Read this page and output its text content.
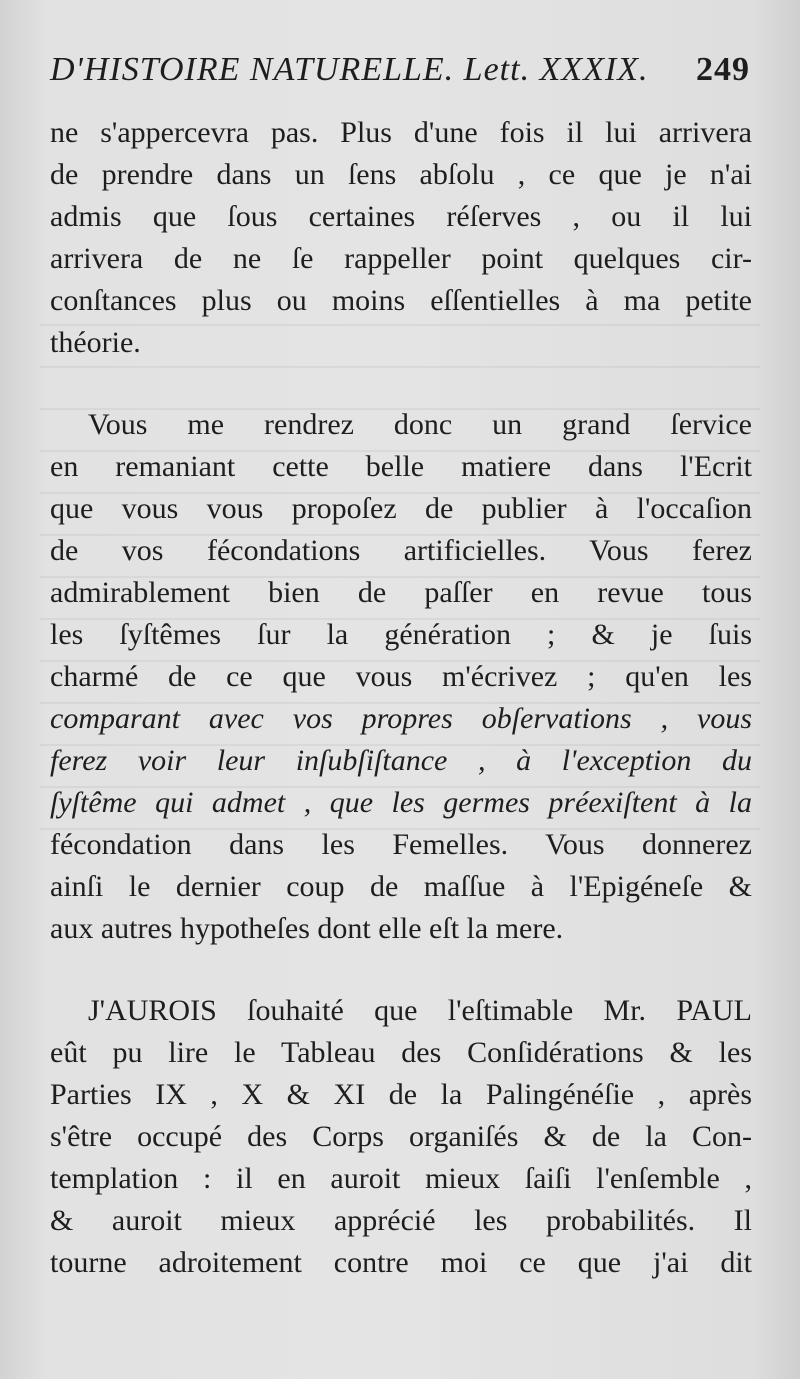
D'HISTOIRE NATURELLE. Lett. XXXIX. 249
ne s'appercevra pas. Plus d'une fois il lui arrivera
de prendre dans un ſens abſolu , ce que je n'ai
admis que ſous certaines réſerves , ou il lui
arrivera de ne ſe rappeller point quelques cir-
conſtances plus ou moins eſſentielles à ma petite
théorie.
Vous me rendrez donc un grand ſervice
en remaniant cette belle matiere dans l'Ecrit
que vous vous propoſez de publier à l'occaſion
de vos fécondations artificielles. Vous ferez
admirablement bien de paſſer en revue tous
les ſyſtêmes ſur la génération ; & je ſuis
charmé de ce que vous m'écrivez ; qu'en les
comparant avec vos propres obſervations , vous
ferez voir leur inſubſiſtance , à l'exception du
ſyſtême qui admet , que les germes préexiſtent à la
fécondation dans les Femelles. Vous donnerez
ainſi le dernier coup de maſſue à l'Epigéneſe &
aux autres hypotheſes dont elle eſt la mere.
J'AUROIS ſouhaité que l'eſtimable Mr. PAUL
eût pu lire le Tableau des Conſidérations & les
Parties IX , X & XI de la Palingénéſie , après
s'être occupé des Corps organiſés & de la Con-
templation : il en auroit mieux ſaiſi l'enſemble ,
& auroit mieux apprécié les probabilités. Il
tourne adroitement contre moi ce que j'ai dit
